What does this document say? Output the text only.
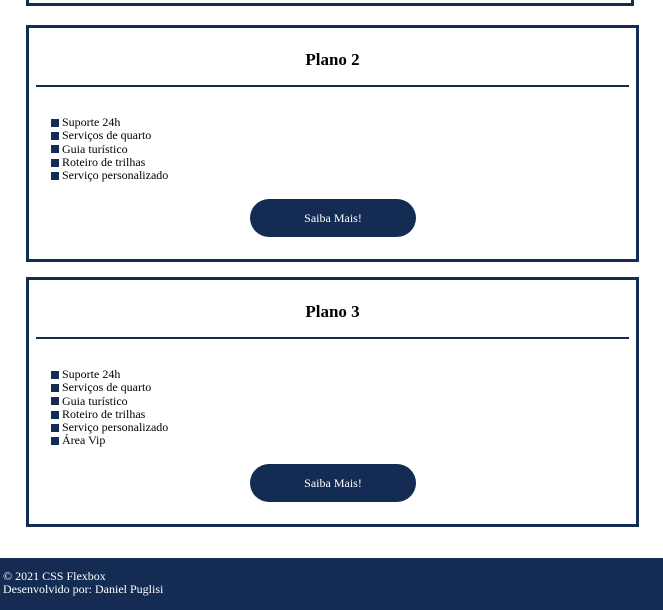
Plano 2
Suporte 24h
Serviços de quarto
Guia turístico
Roteiro de trilhas
Serviço personalizado
Saiba Mais!
Plano 3
Suporte 24h
Serviços de quarto
Guia turístico
Roteiro de trilhas
Serviço personalizado
Área Vip
Saiba Mais!
© 2021 CSS Flexbox
Desenvolvido por: Daniel Puglisi
